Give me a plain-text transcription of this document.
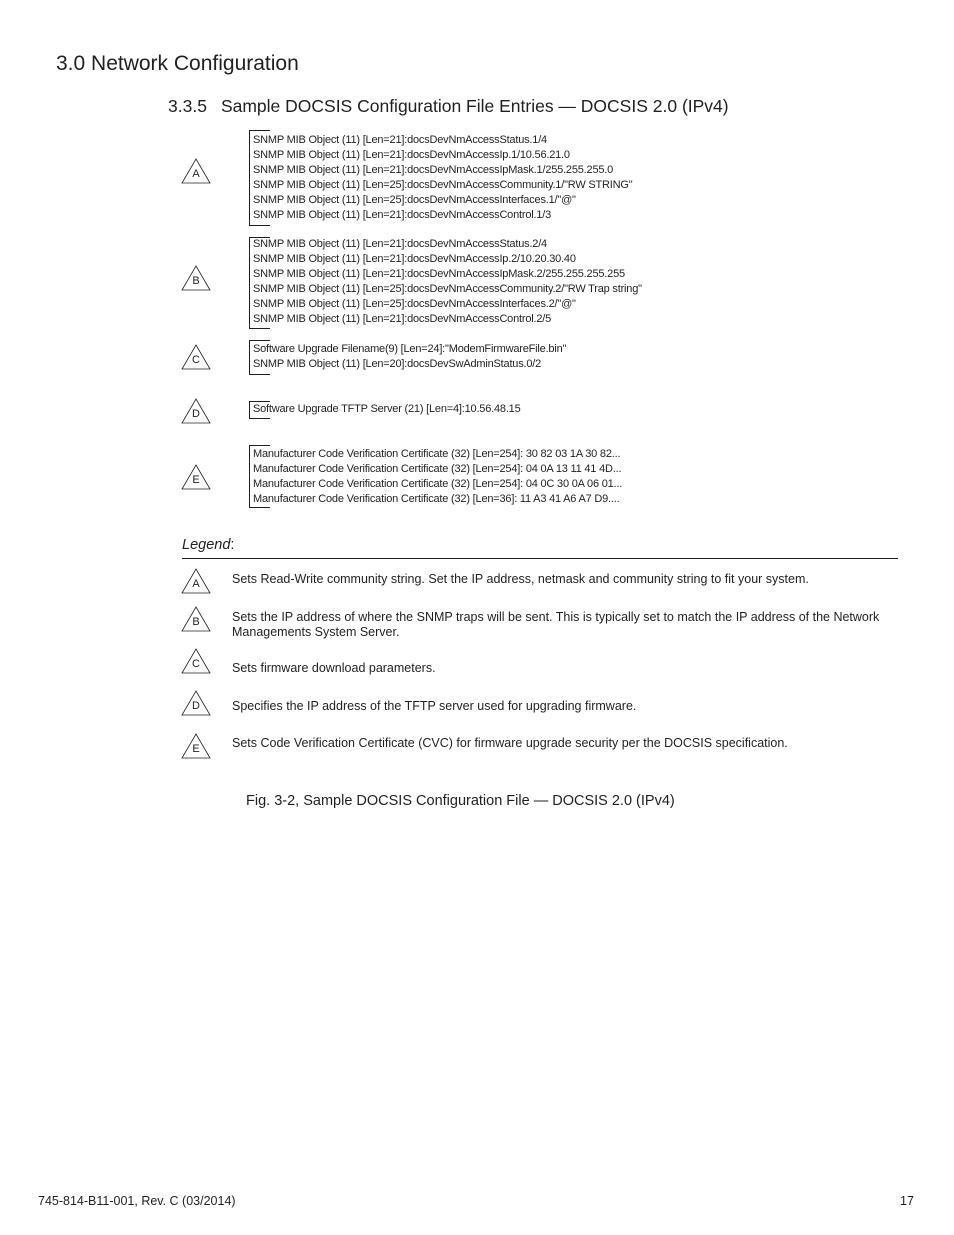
3.0 Network Configuration
3.3.5 Sample DOCSIS Configuration File Entries — DOCSIS 2.0 (IPv4)
A
SNMP MIB Object (11) [Len=21]:docsDevNmAccessStatus.1/4
SNMP MIB Object (11) [Len=21]:docsDevNmAccessIp.1/10.56.21.0
SNMP MIB Object (11) [Len=21]:docsDevNmAccessIpMask.1/255.255.255.0
SNMP MIB Object (11) [Len=25]:docsDevNmAccessCommunity.1/"RW STRING"
SNMP MIB Object (11) [Len=25]:docsDevNmAccessInterfaces.1/"@"
SNMP MIB Object (11) [Len=21]:docsDevNmAccessControl.1/3
B
SNMP MIB Object (11) [Len=21]:docsDevNmAccessStatus.2/4
SNMP MIB Object (11) [Len=21]:docsDevNmAccessIp.2/10.20.30.40
SNMP MIB Object (11) [Len=21]:docsDevNmAccessIpMask.2/255.255.255.255
SNMP MIB Object (11) [Len=25]:docsDevNmAccessCommunity.2/"RW Trap string"
SNMP MIB Object (11) [Len=25]:docsDevNmAccessInterfaces.2/"@"
SNMP MIB Object (11) [Len=21]:docsDevNmAccessControl.2/5
C
Software Upgrade Filename(9) [Len=24]:"ModemFirmwareFile.bin"
SNMP MIB Object (11) [Len=20]:docsDevSwAdminStatus.0/2
D	Software Upgrade TFTP Server (21) [Len=4]:10.56.48.15
E
Manufacturer Code Verification Certificate (32) [Len=254]: 30 82 03 1A 30 82...
Manufacturer Code Verification Certificate (32) [Len=254]: 04 0A 13 11 41 4D...
Manufacturer Code Verification Certificate (32) [Len=254]: 04 0C 30 0A 06 01...
Manufacturer Code Verification Certificate (32) [Len=36]: 11 A3 41 A6 A7 D9....
Legend:
A	Sets Read-Write community string. Set the IP address, netmask and community string to fit your system.
B	Sets the IP address of where the SNMP traps will be sent. This is typically set to match the IP address of the Network Managements System Server.
C	Sets firmware download parameters.
D	Specifies the IP address of the TFTP server used for upgrading firmware.
E	Sets Code Verification Certificate (CVC) for firmware upgrade security per the DOCSIS specification.
Fig. 3-2, Sample DOCSIS Configuration File — DOCSIS 2.0 (IPv4)
745-814-B11-001, Rev. C (03/2014)	17
